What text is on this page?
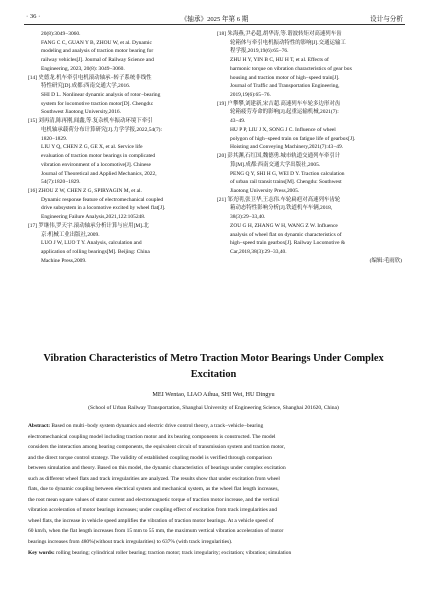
· 36 ·	《轴承》2025 年第 6 期	设计与分析
20(8):3049−3060.
FANG C C, GUAN Y B, ZHOU W, et al. Dynamic
modeling and analysis of traction motor bearing for
railway vehicles[J]. Journal of Railway Science and
Engineering, 2023, 20(8): 3049−3060.
[14] 史德龙.机车牵引电机滚动轴承−转子系统非线性
特性研究[D].成都:西南交通大学,2016.
SHI D L. Nonlinear dynamic analysis of rotor−bearing
system for locomotive traction motor[D]. Chengdu:
Southwest Jiaotong University,2016.
[15] 刘再清,陈再刚,闻鑫,等.复杂机车振动环境下牵引
电机轴承载荷分布计算研究[J].力学学报,2022,54(7):
1820−1829.
LIU Y Q, CHEN Z G, GE X, et al. Service life
evaluation of traction motor bearings in complicated
vibration environment of a locomotive[J]. Chinese
Journal of Theoretical and Applied Mechanics, 2022,
54(7):1820−1829.
[16] ZHOU Z W, CHEN Z G, SPIRYAGIN M, et al.
Dynamic response feature of electromechanical coupled
drive subsystem in a locomotive excited by wheel flat[J].
Engineering Failure Analysis,2021,122:105248.
[17] 罗继伟,罗天宇.滚动轴承分析计算与应用[M].北
京:机械工业出版社,2009.
LUO J W, LUO T Y. Analysis, calculation and
application of rolling bearings[M]. Beijing: China
Machine Press,2009.
[18] 朱海燕,尹必超,胡华涛,等.谐波转矩对高速列车齿
轮箱体与牵引电机振动特性的影响[J].交通运输工
程学报,2019,19(6):65−76.
ZHU H Y, YIN B C, HU H T, et al. Effects of
harmonic torque on vibration characteristics of gear box
housing and traction motor of high−speed train[J].
Journal of Traffic and Transportation Engineering,
2019,19(6):65−76.
[19] 户攀攀,刘建新,宋吉超.高速列车车轮多边形对齿
轮箱疲劳寿命的影响[J].起重运输机械,2021(7):
43−49.
HU P P, LIU J X, SONG J C. Influence of wheel
polygon of high−speed train on fatigue life of gearbox[J].
Hoisting and Conveying Machinery,2021(7):43−49.
[20] 彭其渊,石红国,魏德勇.城市轨道交通列车牵引计
算[M].成都:西南交通大学出版社,2005.
PENG Q Y, SHI H G, WEI D Y. Traction calculation
of urban rail transit trains[M]. Chengdu: Southwest
Jiaotong University Press,2005.
[21] 邹光明,张卫华,王志伟.车轮扁疤对高速列车齿轮
箱动态特性影响分析[J].铁道机车车辆,2018,
38(3):29−33,40.
ZOU G H, ZHANG W H, WANG Z W. Influence
analysis of wheel flat on dynamic characteristics of
high−speed train gearbox[J]. Railway Locomotive &
Car,2018,38(3):29−33,40.
(编辑:毛雨欣)
Vibration Characteristics of Metro Traction Motor Bearings Under Complex Excitation
MEI Wentao, LIAO Aihua, SHI Wei, HU Dingyu
(School of Urban Railway Transportation, Shanghai University of Engineering Science, Shanghai 201620, China)
Abstract: Based on multi−body system dynamics and electric drive control theory, a track−vehicle−bearing
electromechanical coupling model including traction motor and its bearing components is constructed. The model
considers the interaction among bearing components, the equivalent circuit of transmission system and traction motor,
and the direct torque control strategy. The validity of established coupling model is verified through comparison
between simulation and theory. Based on this model, the dynamic characteristics of bearings under complex excitation
such as different wheel flats and track irregularities are analyzed. The results show that under excitation from wheel
flats, due to dynamic coupling between electrical system and mechanical system, as the wheel flat length increases,
the root mean square values of stator current and electromagnetic torque of traction motor increase, and the vertical
vibration acceleration of motor bearings increases; under coupling effect of excitation from track irregularities and
wheel flats, the increase in vehicle speed amplifies the vibration of traction motor bearings. At a vehicle speed of
60 km/h, when the flat length increases from 15 mm to 55 mm, the maximum vertical vibration acceleration of motor
bearings increases from 480%(without track irregularities) to 637% (with track irregularities).
Key words: rolling bearing; cylindrical roller bearing; traction motor; track irregularity; excitation; vibration; simulation
